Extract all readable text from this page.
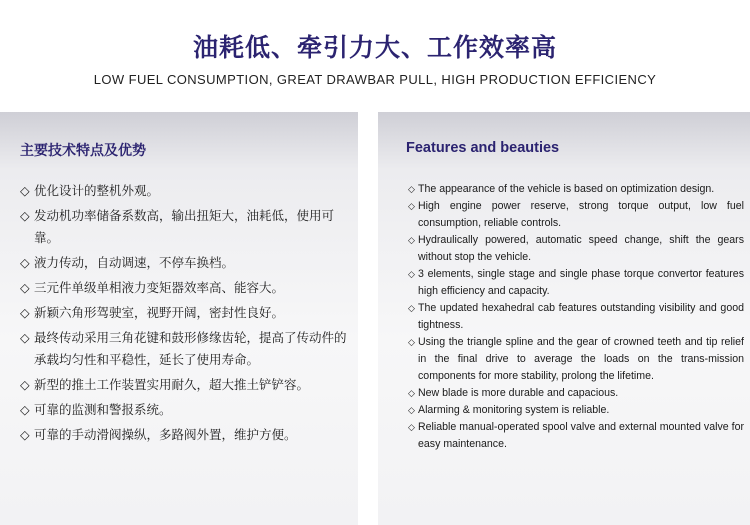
油耗低、牵引力大、工作效率高
LOW FUEL CONSUMPTION, GREAT DRAWBAR PULL, HIGH PRODUCTION EFFICIENCY
主要技术特点及优势
◇ 优化设计的整机外观。
◇ 发动机功率储备系数高，输出扭矩大，油耗低，使用可靠。
◇ 液力传动，自动调速，不停车换档。
◇ 三元件单级单相液力变矩器效率高、能容大。
◇ 新颖六角形驾驶室，视野开阔，密封性良好。
◇ 最终传动采用三角花键和鼓形修缘齿轮，提高了传动件的承载均匀性和平稳性，延长了使用寿命。
◇ 新型的推土工作装置实用耐久，超大推土铲铲容。
◇ 可靠的监测和警报系统。
◇ 可靠的手动滑阀操纵，多路阀外置，维护方便。
Features and beauties
◇ The appearance of the vehicle is based on optimization design.
◇ High engine power reserve, strong torque output, low fuel consumption, reliable controls.
◇ Hydraulically powered, automatic speed change, shift the gears without stop the vehicle.
◇ 3 elements, single stage and single phase torque convertor features high efficiency and capacity.
◇ The updated hexahedral cab features outstanding visibility and good tightness.
◇ Using the triangle spline and the gear of crowned teeth and tip relief in the final drive to average the loads on the trans-mission components for more stability, prolong the lifetime.
◇ New blade is more durable and capacious.
◇ Alarming & monitoring system is reliable.
◇ Reliable manual-operated spool valve and external mounted valve for easy maintenance.
